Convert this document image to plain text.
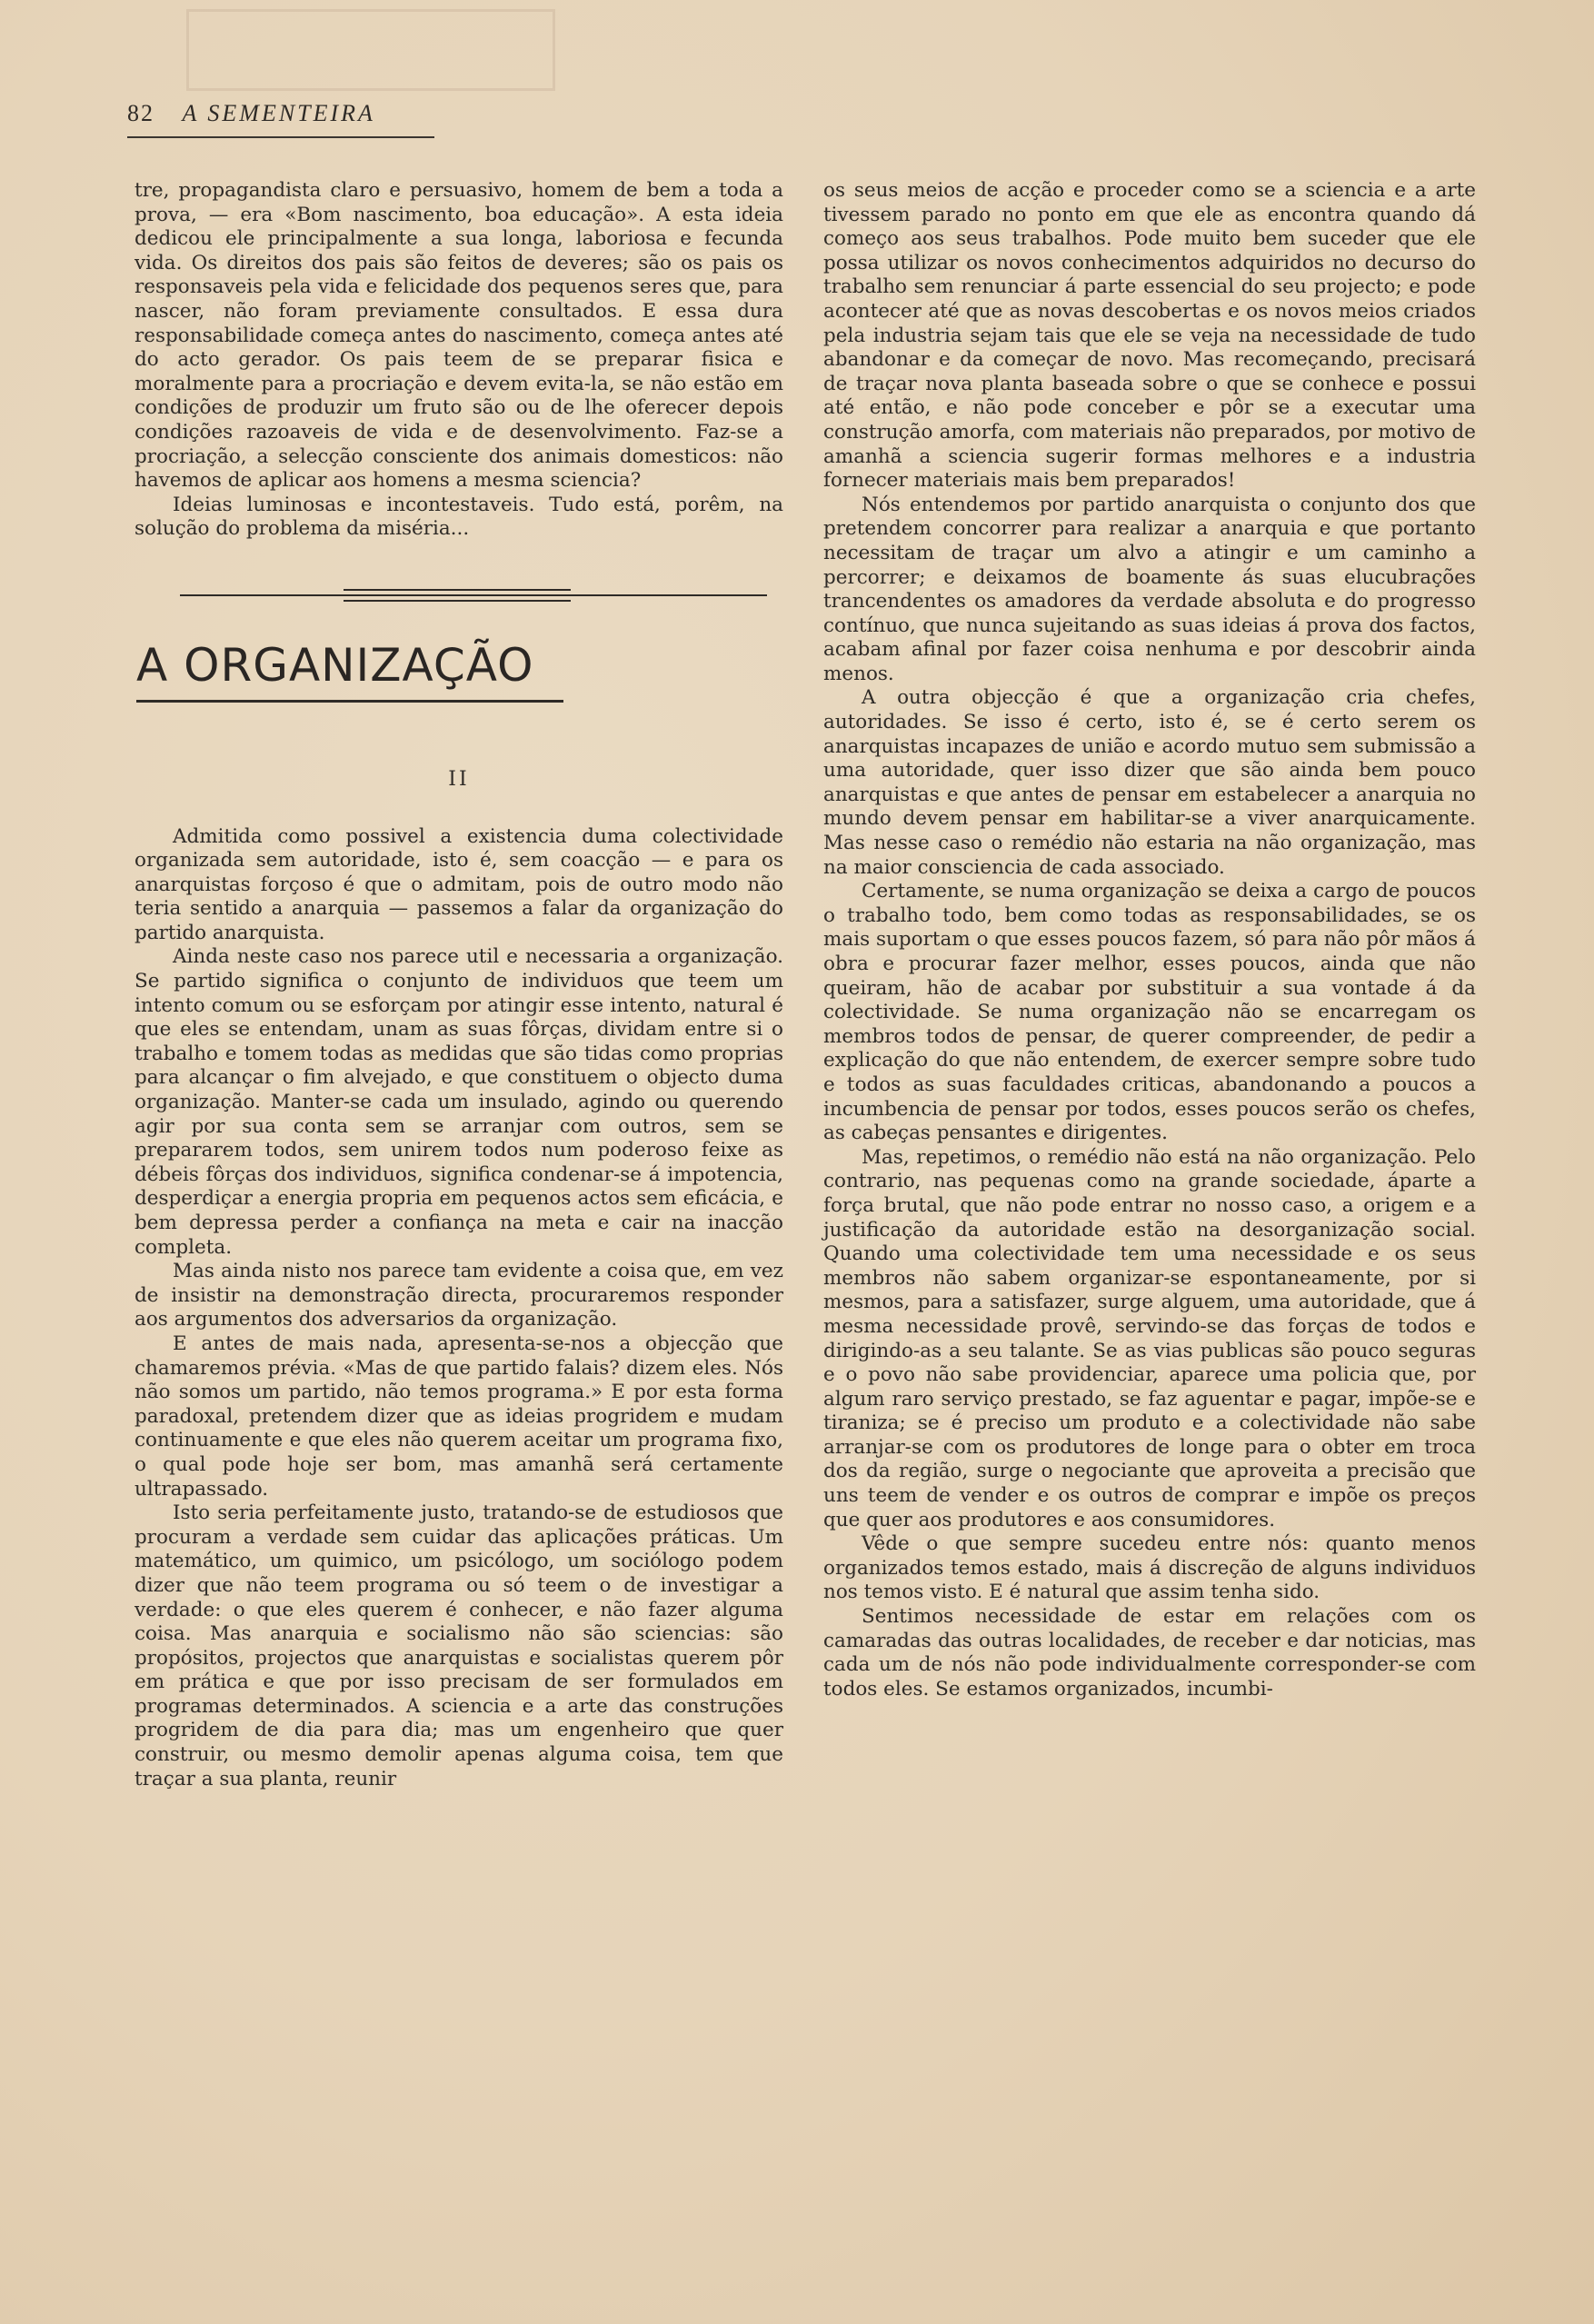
82 A SEMENTEIRA

tre, propagandista claro e persuasivo, homem de bem a toda a prova, — era «Bom nascimento, boa educação». A esta ideia dedicou ele principalmente a sua longa, laboriosa e fecunda vida. Os direitos dos pais são feitos de deveres; são os pais os responsaveis pela vida e felicidade dos pequenos seres que, para nascer, não foram previamente consultados. E essa dura responsabilidade começa antes do nascimento, começa antes até do acto gerador. Os pais teem de se preparar fisica e moralmente para a procriação e devem evita-la, se não estão em condições de produzir um fruto são ou de lhe oferecer depois condições razoaveis de vida e de desenvolvimento. Faz-se a procriação, a selecção consciente dos animais domesticos: não havemos de aplicar aos homens a mesma sciencia?

Ideias luminosas e incontestaveis. Tudo está, porêm, na solução do problema da miséria...

A ORGANIZAÇÃO
II

Admitida como possivel a existencia duma colectividade organizada sem autoridade, isto é, sem coacção — e para os anarquistas forçoso é que o admitam, pois de outro modo não teria sentido a anarquia — passemos a falar da organização do partido anarquista.

Ainda neste caso nos parece util e necessaria a organização. Se partido significa o conjunto de individuos que teem um intento comum ou se esforçam por atingir esse intento, natural é que eles se entendam, unam as suas fôrças, dividam entre si o trabalho e tomem todas as medidas que são tidas como proprias para alcançar o fim alvejado, e que constituem o objecto duma organização. Manter-se cada um insulado, agindo ou querendo agir por sua conta sem se arranjar com outros, sem se prepararem todos, sem unirem todos num poderoso feixe as débeis fôrças dos individuos, significa condenar-se á impotencia, desperdiçar a energia propria em pequenos actos sem eficácia, e bem depressa perder a confiança na meta e cair na inacção completa.

Mas ainda nisto nos parece tam evidente a coisa que, em vez de insistir na demonstração directa, procuraremos responder aos argumentos dos adversarios da organização.

E antes de mais nada, apresenta-se-nos a objecção que chamaremos prévia. «Mas de que partido falais? dizem eles. Nós não somos um partido, não temos programa.» E por esta forma paradoxal, pretendem dizer que as ideias progridem e mudam continuamente e que eles não querem aceitar um programa fixo, o qual pode hoje ser bom, mas amanhã será certamente ultrapassado.

Isto seria perfeitamente justo, tratando-se de estudiosos que procuram a verdade sem cuidar das aplicações práticas. Um matemático, um quimico, um psicólogo, um sociólogo podem dizer que não teem programa ou só teem o de investigar a verdade: o que eles querem é conhecer, e não fazer alguma coisa. Mas anarquia e socialismo não são sciencias: são propósitos, projectos que anarquistas e socialistas querem pôr em prática e que por isso precisam de ser formulados em programas determinados. A sciencia e a arte das construções progridem de dia para dia; mas um engenheiro que quer construir, ou mesmo demolir apenas alguma coisa, tem que traçar a sua planta, reunir

os seus meios de acção e proceder como se a sciencia e a arte tivessem parado no ponto em que ele as encontra quando dá começo aos seus trabalhos. Pode muito bem suceder que ele possa utilizar os novos conhecimentos adquiridos no decurso do trabalho sem renunciar á parte essencial do seu projecto; e pode acontecer até que as novas descobertas e os novos meios criados pela industria sejam tais que ele se veja na necessidade de tudo abandonar e da começar de novo. Mas recomeçando, precisará de traçar nova planta baseada sobre o que se conhece e possui até então, e não pode conceber e pôr se a executar uma construção amorfa, com materiais não preparados, por motivo de amanhã a sciencia sugerir formas melhores e a industria fornecer materiais mais bem preparados!

Nós entendemos por partido anarquista o conjunto dos que pretendem concorrer para realizar a anarquia e que portanto necessitam de traçar um alvo a atingir e um caminho a percorrer; e deixamos de boamente ás suas elucubrações trancendentes os amadores da verdade absoluta e do progresso contínuo, que nunca sujeitando as suas ideias á prova dos factos, acabam afinal por fazer coisa nenhuma e por descobrir ainda menos.

A outra objecção é que a organização cria chefes, autoridades. Se isso é certo, isto é, se é certo serem os anarquistas incapazes de união e acordo mutuo sem submissão a uma autoridade, quer isso dizer que são ainda bem pouco anarquistas e que antes de pensar em estabelecer a anarquia no mundo devem pensar em habilitar-se a viver anarquicamente. Mas nesse caso o remédio não estaria na não organização, mas na maior consciencia de cada associado.

Certamente, se numa organização se deixa a cargo de poucos o trabalho todo, bem como todas as responsabilidades, se os mais suportam o que esses poucos fazem, só para não pôr mãos á obra e procurar fazer melhor, esses poucos, ainda que não queiram, hão de acabar por substituir a sua vontade á da colectividade. Se numa organização não se encarregam os membros todos de pensar, de querer compreender, de pedir a explicação do que não entendem, de exercer sempre sobre tudo e todos as suas faculdades criticas, abandonando a poucos a incumbencia de pensar por todos, esses poucos serão os chefes, as cabeças pensantes e dirigentes.

Mas, repetimos, o remédio não está na não organização. Pelo contrario, nas pequenas como na grande sociedade, áparte a força brutal, que não pode entrar no nosso caso, a origem e a justificação da autoridade estão na desorganização social. Quando uma colectividade tem uma necessidade e os seus membros não sabem organizar-se espontaneamente, por si mesmos, para a satisfazer, surge alguem, uma autoridade, que á mesma necessidade provê, servindo-se das forças de todos e dirigindo-as a seu talante. Se as vias publicas são pouco seguras e o povo não sabe providenciar, aparece uma policia que, por algum raro serviço prestado, se faz aguentar e pagar, impõe-se e tiraniza; se é preciso um produto e a colectividade não sabe arranjar-se com os produtores de longe para o obter em troca dos da região, surge o negociante que aproveita a precisão que uns teem de vender e os outros de comprar e impõe os preços que quer aos produtores e aos consumidores.

Vêde o que sempre sucedeu entre nós: quanto menos organizados temos estado, mais á discreção de alguns individuos nos temos visto. E é natural que assim tenha sido.

Sentimos necessidade de estar em relações com os camaradas das outras localidades, de receber e dar noticias, mas cada um de nós não pode individualmente corresponder-se com todos eles. Se estamos organizados, incumbi-
